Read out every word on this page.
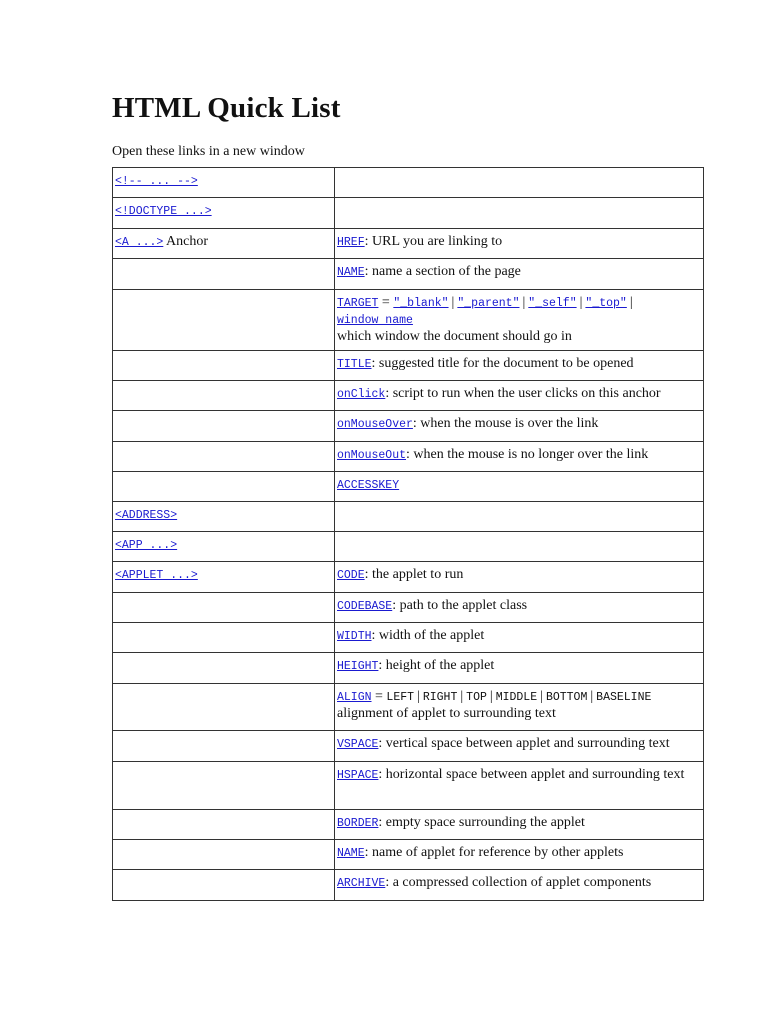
HTML Quick List

Open these links in a new window

<!-- ... -->	
<!DOCTYPE ...>	
<A ...> Anchor	HREF: URL you are linking to
	NAME: name a section of the page
	TARGET = "_blank" | "_parent" | "_self" | "_top" |
window name
which window the document should go in
	TITLE: suggested title for the document to be opened
	onClick: script to run when the user clicks on this anchor
	onMouseOver: when the mouse is over the link
	onMouseOut: when the mouse is no longer over the link
	ACCESSKEY
<ADDRESS>	
<APP ...>	
<APPLET ...>	CODE: the applet to run
	CODEBASE: path to the applet class
	WIDTH: width of the applet
	HEIGHT: height of the applet
	ALIGN = LEFT | RIGHT | TOP | MIDDLE | BOTTOM | BASELINE
alignment of applet to surrounding text
	VSPACE: vertical space between applet and surrounding text
	HSPACE: horizontal space between applet and surrounding text
	BORDER: empty space surrounding the applet
	NAME: name of applet for reference by other applets
	ARCHIVE: a compressed collection of applet components
